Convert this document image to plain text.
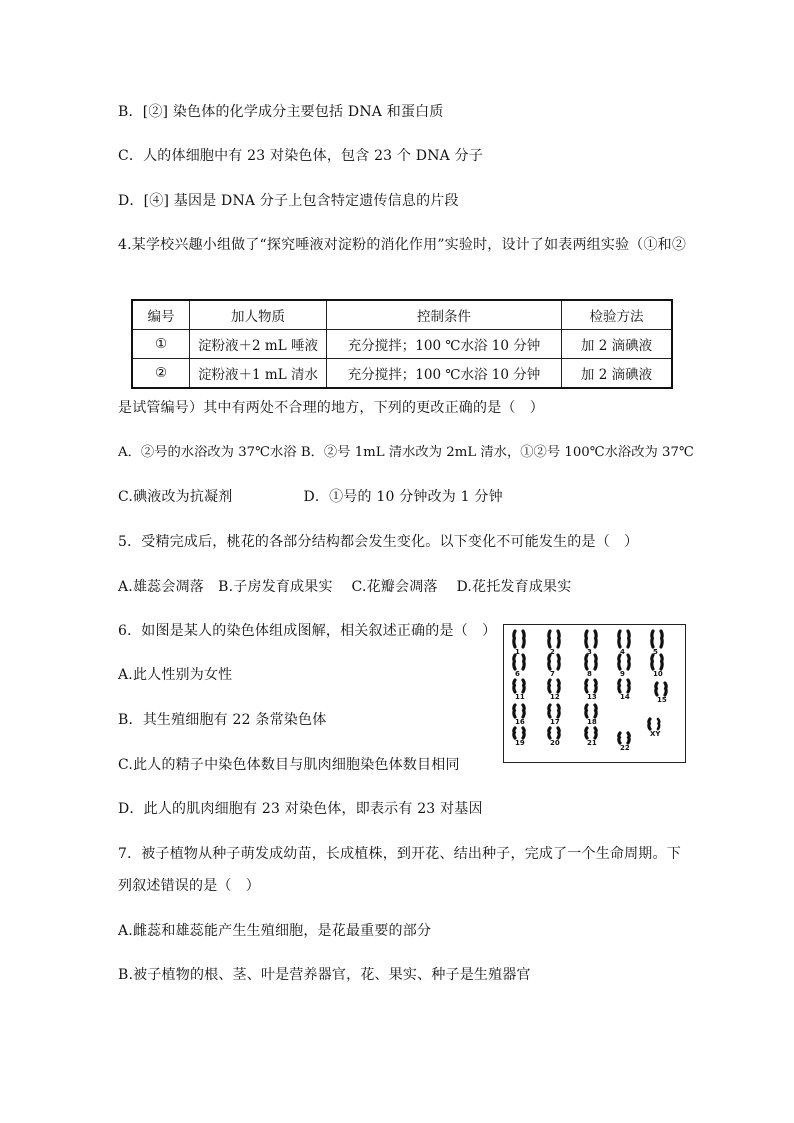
B．[②] 染色体的化学成分主要包括 DNA 和蛋白质
C．人的体细胞中有 23 对染色体，包含 23 个 DNA 分子
D．[④] 基因是 DNA 分子上包含特定遗传信息的片段
4.某学校兴趣小组做了“探究唾液对淀粉的消化作用”实验时，设计了如表两组实验（①和②
编号	加人物质	控制条件	检验方法
①	淀粉液＋2 mL 唾液	充分搅拌；100 ℃水浴 10 分钟	加 2 滴碘液
②	淀粉液＋1 mL 清水	充分搅拌；100 ℃水浴 10 分钟	加 2 滴碘液
是试管编号）其中有两处不合理的地方，下列的更改正确的是（　）
A．②号的水浴改为 37℃水浴 B．②号 1mL 清水改为 2mL 清水，①②号 100℃水浴改为 37℃
C.碘液改为抗凝剂　　　　　D．①号的 10 分钟改为 1 分钟
5．受精完成后，桃花的各部分结构都会发生变化。以下变化不可能发生的是（　）
A.雄蕊会凋落　B.子房发育成果实　 C.花瓣会凋落　 D.花托发育成果实
6．如图是某人的染色体组成图解，相关叙述正确的是（　）
A.此人性别为女性
B．其生殖细胞有 22 条常染色体
C.此人的精子中染色体数目与肌肉细胞染色体数目相同
D．此人的肌肉细胞有 23 对染色体，即表示有 23 对基因
1	2	3	4	5
6	7	8	9	10
11	12	13	14	15
16	17	18
19	20	21
22
XY
7．被子植物从种子萌发成幼苗，长成植株，到开花、结出种子，完成了一个生命周期。下
列叙述错误的是（　）
A.雌蕊和雄蕊能产生生殖细胞，是花最重要的部分
B.被子植物的根、茎、叶是营养器官，花、果实、种子是生殖器官
